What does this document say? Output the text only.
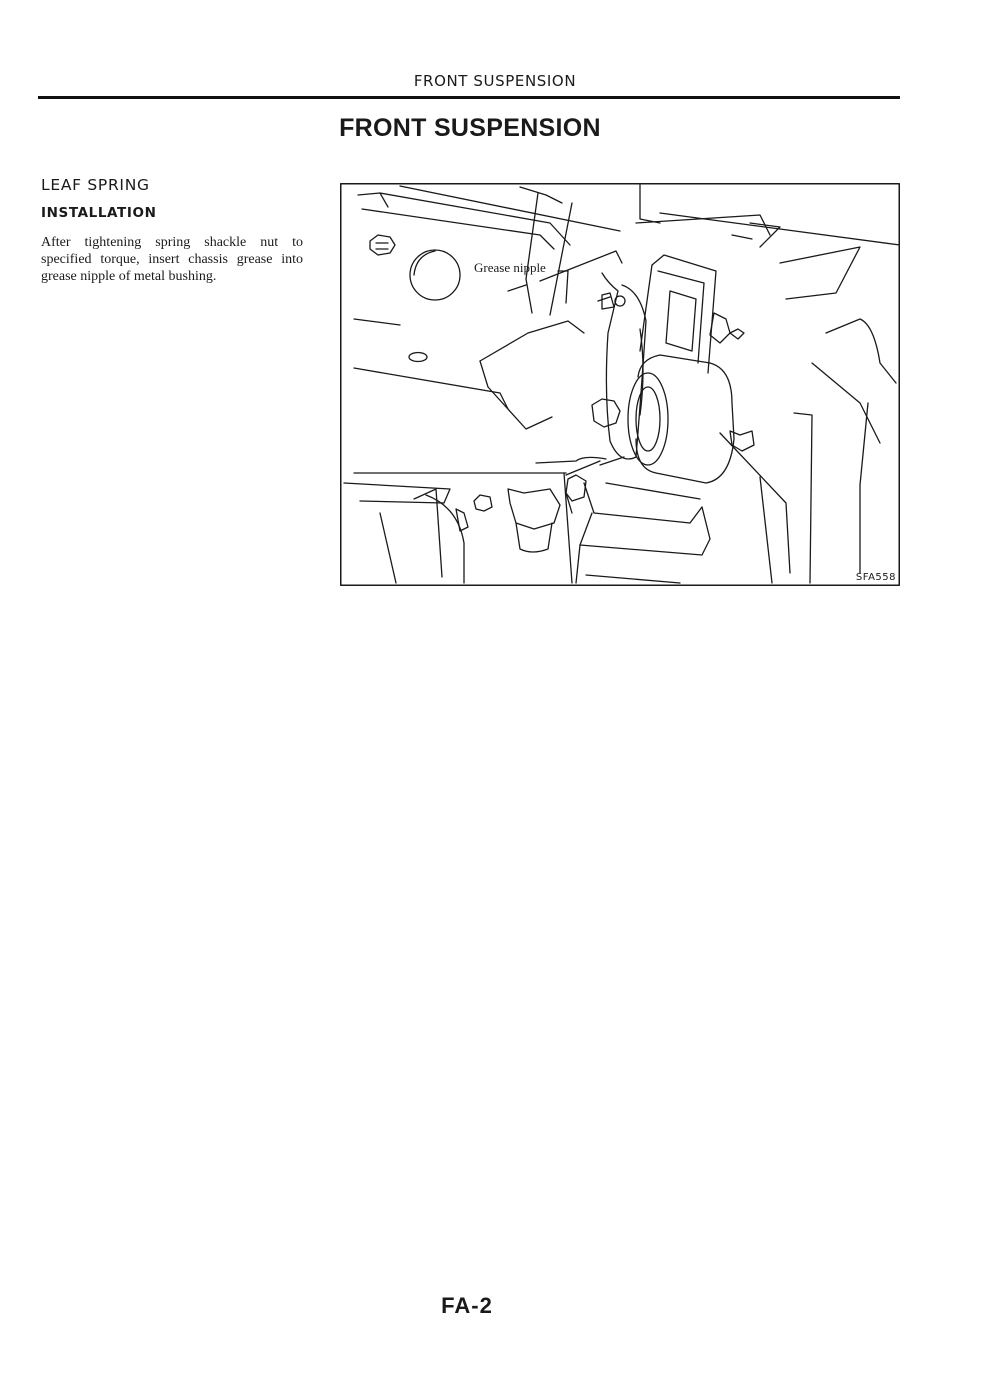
FRONT SUSPENSION
FRONT SUSPENSION
LEAF SPRING
INSTALLATION

After tightening spring shackle nut to specified torque, insert chassis grease into grease nipple of metal bushing.

Grease nipple
SFA558
FA-2
